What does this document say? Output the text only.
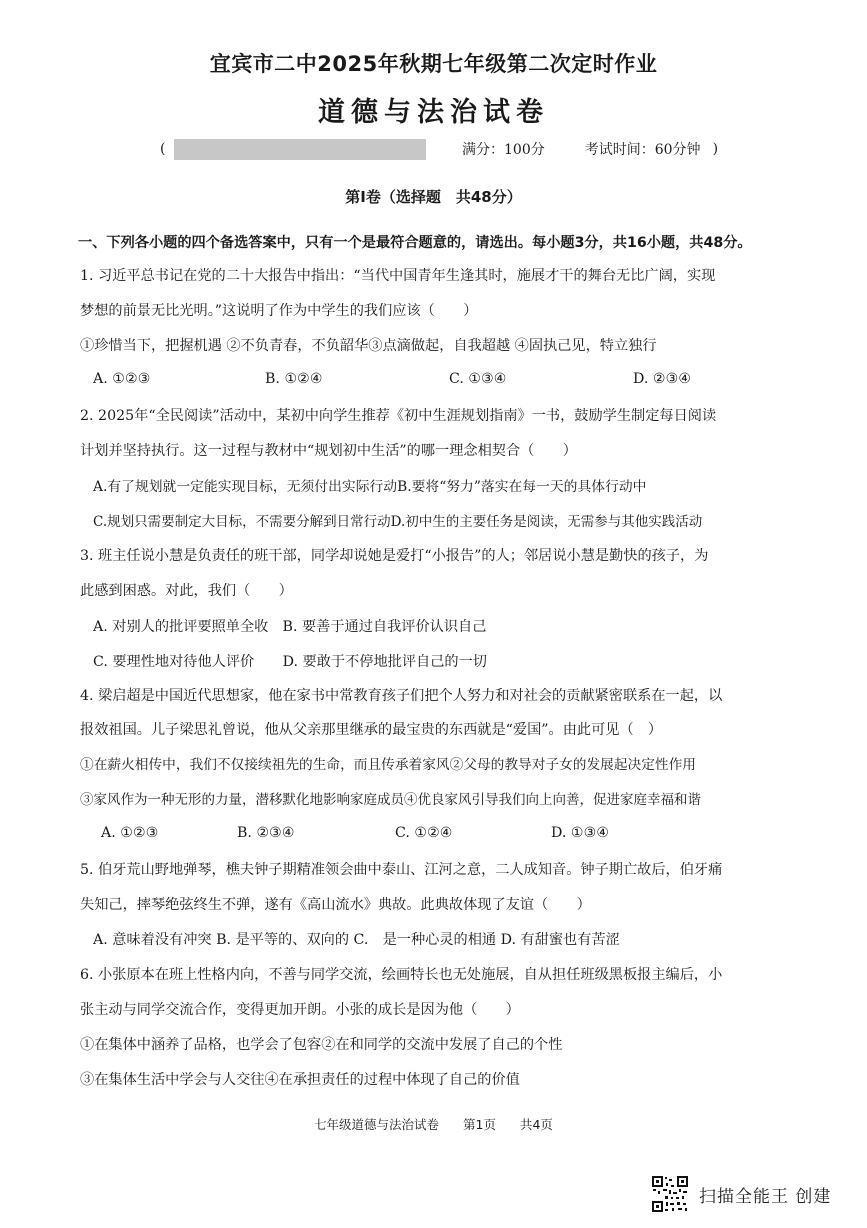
宜宾市二中2025年秋期七年级第二次定时作业
道德与法治试卷
(	满分：100分	考试时间：60分钟 )
第Ⅰ卷（选择题　共48分）
一、下列各小题的四个备选答案中，只有一个是最符合题意的，请选出。每小题3分，共16小题，共48分。
1. 习近平总书记在党的二十大报告中指出：“当代中国青年生逢其时，施展才干的舞台无比广阔，实现
梦想的前景无比光明。”这说明了作为中学生的我们应该（　　）
①珍惜当下，把握机遇 ②不负青春，不负韶华③点滴做起，自我超越 ④固执己见，特立独行
A. ①②③	B. ①②④	C. ①③④	D. ②③④
2. 2025年“全民阅读”活动中，某初中向学生推荐《初中生涯规划指南》一书，鼓励学生制定每日阅读
计划并坚持执行。这一过程与教材中“规划初中生活”的哪一理念相契合（　　）
A.有了规划就一定能实现目标，无须付出实际行动B.要将“努力”落实在每一天的具体行动中
C.规划只需要制定大目标，不需要分解到日常行动D.初中生的主要任务是阅读，无需参与其他实践活动
3. 班主任说小慧是负责任的班干部，同学却说她是爱打“小报告”的人；邻居说小慧是勤快的孩子，为
此感到困惑。对此，我们（　　）
A. 对别人的批评要照单全收　B. 要善于通过自我评价认识自己
C. 要理性地对待他人评价　　D. 要敢于不停地批评自己的一切
4. 梁启超是中国近代思想家，他在家书中常教育孩子们把个人努力和对社会的贡献紧密联系在一起，以
报效祖国。儿子梁思礼曾说，他从父亲那里继承的最宝贵的东西就是“爱国”。由此可见（　）
①在薪火相传中，我们不仅接续祖先的生命，而且传承着家风②父母的教导对子女的发展起决定性作用
③家风作为一种无形的力量，潜移默化地影响家庭成员④优良家风引导我们向上向善，促进家庭幸福和谐
A. ①②③	B. ②③④	C. ①②④	D. ①③④
5. 伯牙荒山野地弹琴，樵夫钟子期精准领会曲中泰山、江河之意，二人成知音。钟子期亡故后，伯牙痛
失知己，摔琴绝弦终生不弹，遂有《高山流水》典故。此典故体现了友谊（　　）
A. 意味着没有冲突 B. 是平等的、双向的 C.　是一种心灵的相通 D. 有甜蜜也有苦涩
6. 小张原本在班上性格内向，不善与同学交流，绘画特长也无处施展，自从担任班级黑板报主编后，小
张主动与同学交流合作，变得更加开朗。小张的成长是因为他（　　）
①在集体中涵养了品格，也学会了包容②在和同学的交流中发展了自己的个性
③在集体生活中学会与人交往④在承担责任的过程中体现了自己的价值
七年级道德与法治试卷 第1页 共4页
扫描全能王 创建
